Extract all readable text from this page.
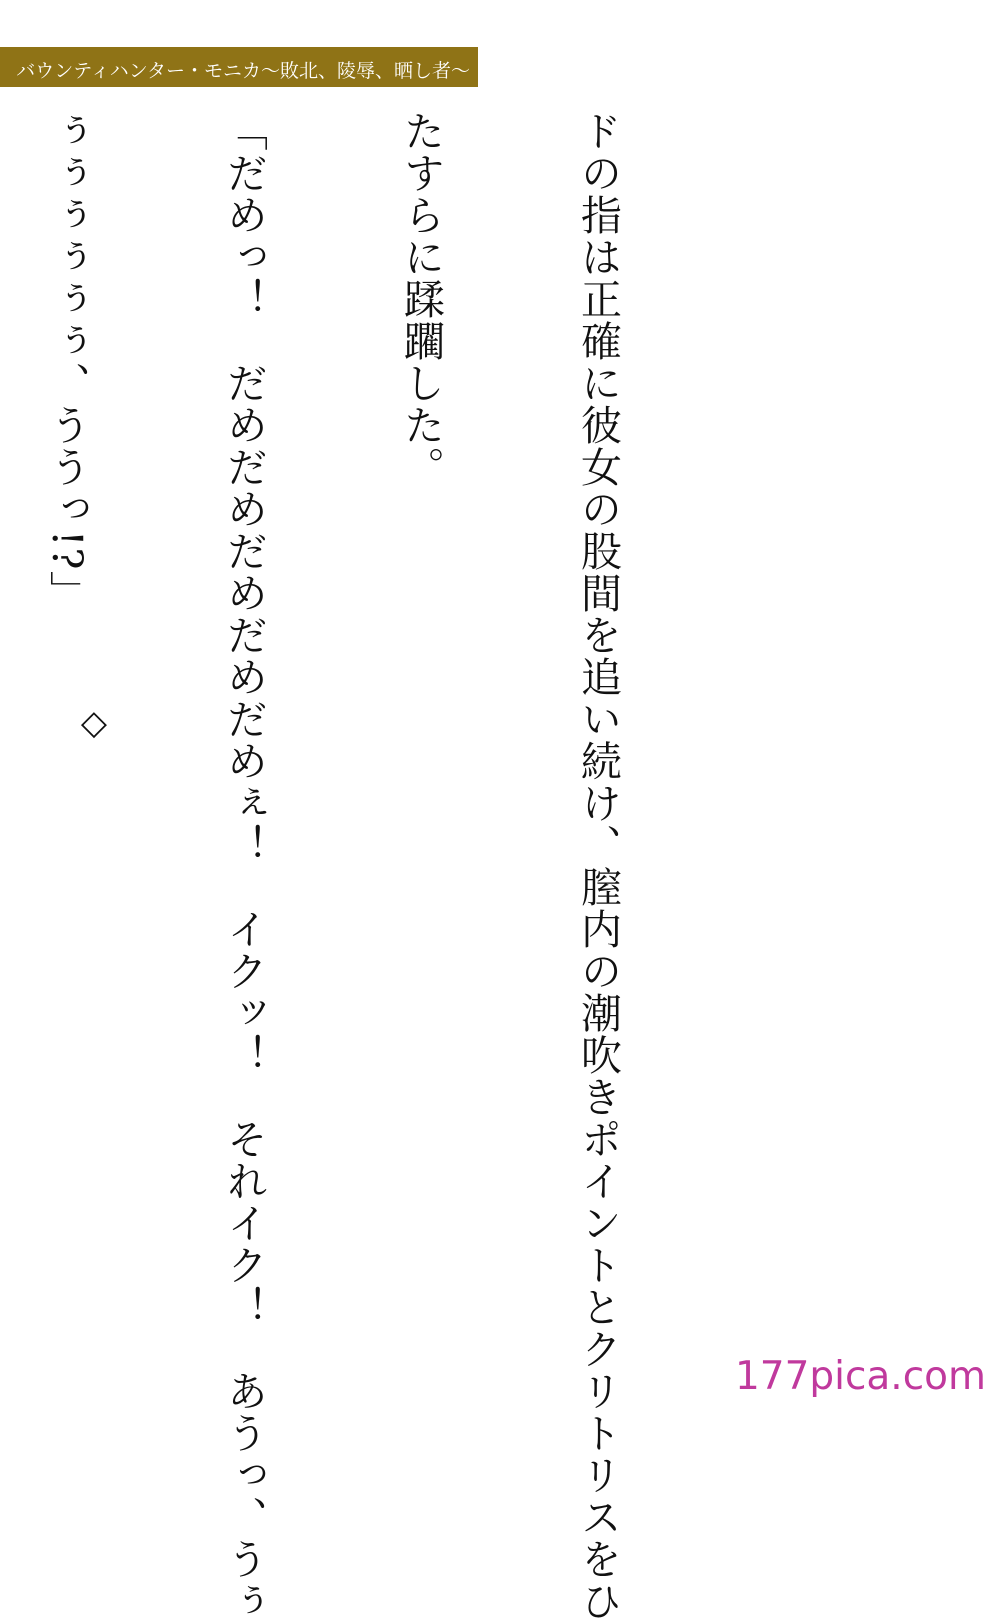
バウンティハンター・モニカ〜敗北、陵辱、晒し者〜

ドの指は正確に彼女の股間を追い続け、膣内の潮吹きポイントとクリトリスをひ

たすらに蹂躙した。

「だめっ！　だめだめだめだめだめぇ！　イクッ！　それイク！　あうっ、うぅ

ぅぅぅぅぅぅ、ううっ!?」

◇
177pica.com
